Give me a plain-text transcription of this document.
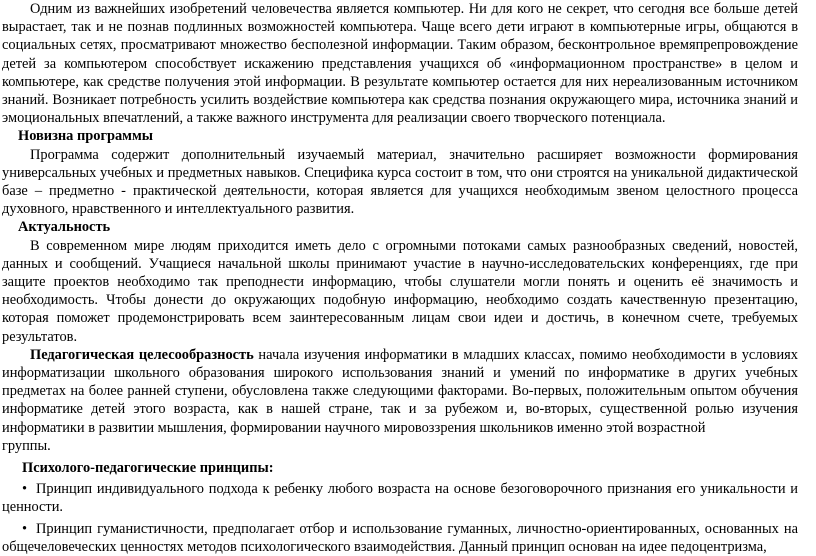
Одним из важнейших изобретений человечества является компьютер. Ни для кого не секрет, что сегодня все больше детей вырастает, так и не познав подлинных возможностей компьютера. Чаще всего дети играют в компьютерные игры, общаются в социальных сетях, просматривают множество бесполезной информации. Таким образом, бесконтрольное времяпрепровождение детей за компьютером способствует искажению представления учащихся об «информационном пространстве» в целом и компьютере, как средстве получения этой информации. В результате компьютер остается для них нереализованным источником знаний. Возникает потребность усилить воздействие компьютера как средства познания окружающего мира, источника знаний и эмоциональных впечатлений, а также важного инструмента для реализации своего творческого потенциала.

Новизна программы

Программа содержит дополнительный изучаемый материал, значительно расширяет возможности формирования универсальных учебных и предметных навыков. Специфика курса состоит в том, что они строятся на уникальной дидактической базе – предметно - практической деятельности, которая является для учащихся необходимым звеном целостного процесса духовного, нравственного и интеллектуального развития.

Актуальность

В современном мире людям приходится иметь дело с огромными потоками самых разнообразных сведений, новостей, данных и сообщений. Учащиеся начальной школы принимают участие в научно-исследовательских конференциях, где при защите проектов необходимо так преподнести информацию, чтобы слушатели могли понять и оценить её значимость и необходимость. Чтобы донести до окружающих подобную информацию, необходимо создать качественную презентацию, которая поможет продемонстрировать всем заинтересованным лицам свои идеи и достичь, в конечном счете, требуемых результатов.

Педагогическая целесообразность начала изучения информатики в младших классах, помимо необходимости в условиях информатизации школьного образования широкого использования знаний и умений по информатике в других учебных предметах на более ранней ступени, обусловлена также следующими факторами. Во-первых, положительным опытом обучения информатике детей этого возраста, как в нашей стране, так и за рубежом и, во-вторых, существенной ролью изучения информатики в развитии мышления, формировании научного мировоззрения школьников именно этой возрастной

группы.

Психолого-педагогические принципы:

• Принцип индивидуального подхода к ребенку любого возраста на основе безоговорочного признания его уникальности и ценности.

• Принцип гуманистичности, предполагает отбор и использование гуманных, личностно-ориентированных, основанных на общечеловеческих ценностях методов психологического взаимодействия. Данный принцип основан на идее педоцентризма,
